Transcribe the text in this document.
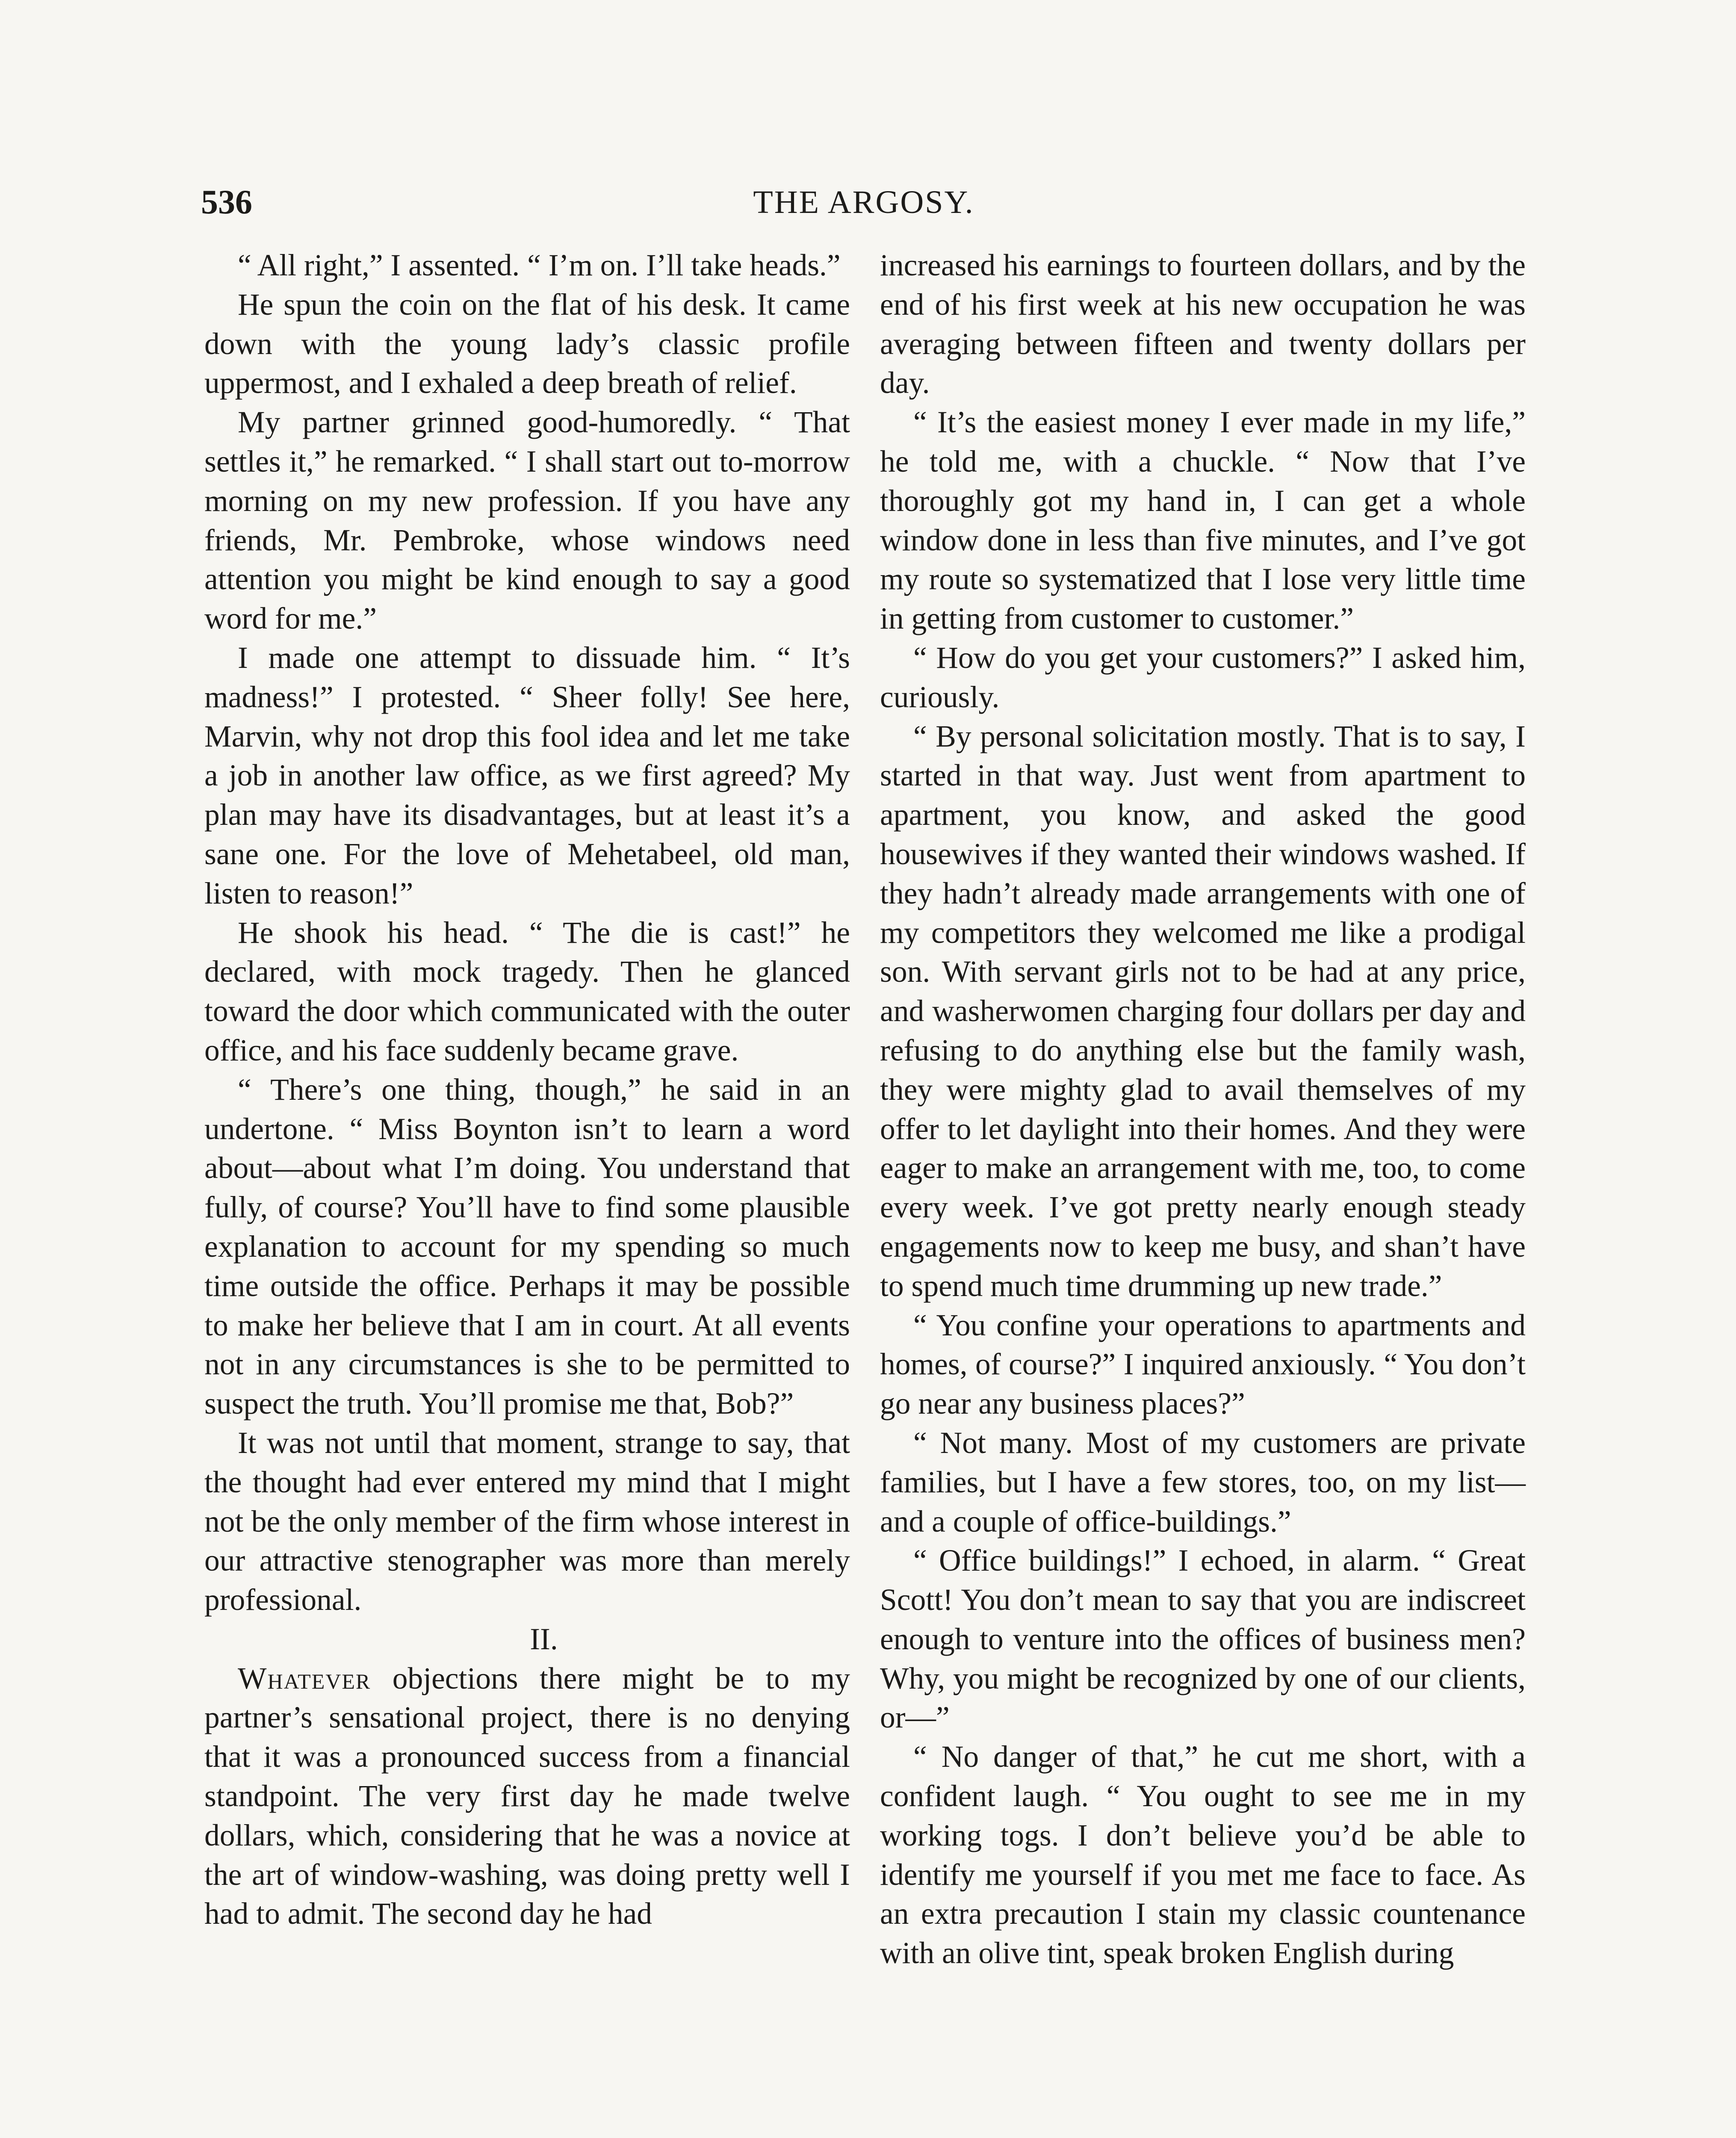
536	THE ARGOSY.

“ All right,” I assented. “ I’m on. I’ll take heads.”

He spun the coin on the flat of his desk. It came down with the young lady’s classic profile uppermost, and I exhaled a deep breath of relief.

My partner grinned good-humoredly. “ That settles it,” he remarked. “ I shall start out to-morrow morning on my new profession. If you have any friends, Mr. Pembroke, whose windows need attention you might be kind enough to say a good word for me.”

I made one attempt to dissuade him. “ It’s madness!” I protested. “ Sheer folly! See here, Marvin, why not drop this fool idea and let me take a job in another law office, as we first agreed? My plan may have its disadvantages, but at least it’s a sane one. For the love of Mehetabeel, old man, listen to reason!”

He shook his head. “ The die is cast!” he declared, with mock tragedy. Then he glanced toward the door which communicated with the outer office, and his face suddenly became grave.

“ There’s one thing, though,” he said in an undertone. “ Miss Boynton isn’t to learn a word about—about what I’m doing. You understand that fully, of course? You’ll have to find some plausible explanation to account for my spending so much time outside the office. Perhaps it may be possible to make her believe that I am in court. At all events not in any circumstances is she to be permitted to suspect the truth. You’ll promise me that, Bob?”

It was not until that moment, strange to say, that the thought had ever entered my mind that I might not be the only member of the firm whose interest in our attractive stenographer was more than merely professional.

II.

Whatever objections there might be to my partner’s sensational project, there is no denying that it was a pronounced success from a financial standpoint. The very first day he made twelve dollars, which, considering that he was a novice at the art of window-washing, was doing pretty well I had to admit. The second day he had

increased his earnings to fourteen dollars, and by the end of his first week at his new occupation he was averaging between fifteen and twenty dollars per day.

“ It’s the easiest money I ever made in my life,” he told me, with a chuckle. “ Now that I’ve thoroughly got my hand in, I can get a whole window done in less than five minutes, and I’ve got my route so systematized that I lose very little time in getting from customer to customer.”

“ How do you get your customers?” I asked him, curiously.

“ By personal solicitation mostly. That is to say, I started in that way. Just went from apartment to apartment, you know, and asked the good housewives if they wanted their windows washed. If they hadn’t already made arrangements with one of my competitors they welcomed me like a prodigal son. With servant girls not to be had at any price, and washerwomen charging four dollars per day and refusing to do anything else but the family wash, they were mighty glad to avail themselves of my offer to let daylight into their homes. And they were eager to make an arrangement with me, too, to come every week. I’ve got pretty nearly enough steady engagements now to keep me busy, and shan’t have to spend much time drumming up new trade.”

“ You confine your operations to apartments and homes, of course?” I inquired anxiously. “ You don’t go near any business places?”

“ Not many. Most of my customers are private families, but I have a few stores, too, on my list—and a couple of office-buildings.”

“ Office buildings!” I echoed, in alarm. “ Great Scott! You don’t mean to say that you are indiscreet enough to venture into the offices of business men? Why, you might be recognized by one of our clients, or—”

“ No danger of that,” he cut me short, with a confident laugh. “ You ought to see me in my working togs. I don’t believe you’d be able to identify me yourself if you met me face to face. As an extra precaution I stain my classic countenance with an olive tint, speak broken English during
